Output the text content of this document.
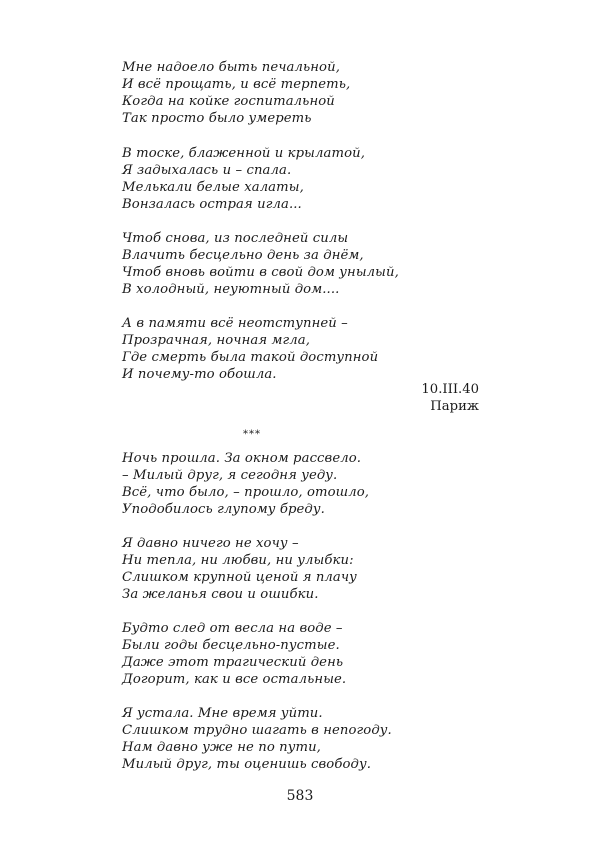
Мне надоело быть печальной,
И всё прощать, и всё терпеть,
Когда на койке госпитальной
Так просто было умереть
В тоске, блаженной и крылатой,
Я задыхалась и – спала.
Мелькали белые халаты,
Вонзалась острая игла...
Чтоб снова, из последней силы
Влачить бесцельно день за днём,
Чтоб вновь войти в свой дом унылый,
В холодный, неуютный дом....
А в памяти всё неотступней –
Прозрачная, ночная мгла,
Где смерть была такой доступной
И почему-то обошла.
10.III.40
Париж
***
Ночь прошла. За окном рассвело.
– Милый друг, я сегодня уеду.
Всё, что было, – прошло, отошло,
Уподобилось глупому бреду.
Я давно ничего не хочу –
Ни тепла, ни любви, ни улыбки:
Слишком крупной ценой я плачу
За желанья свои и ошибки.
Будто след от весла на воде –
Были годы бесцельно-пустые.
Даже этот трагический день
Догорит, как и все остальные.
Я устала. Мне время уйти.
Слишком трудно шагать в непогоду.
Нам давно уже не по пути,
Милый друг, ты оценишь свободу.
583
